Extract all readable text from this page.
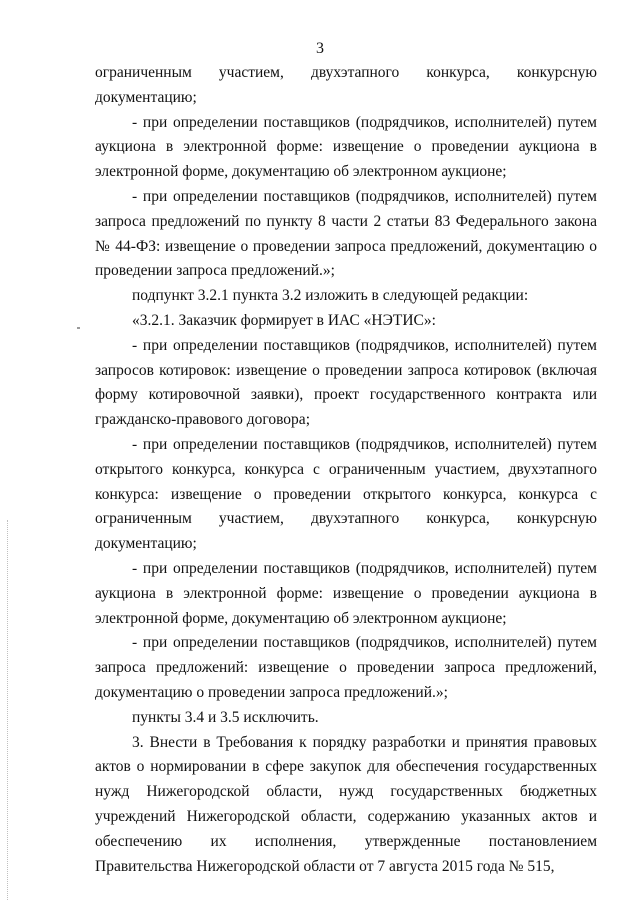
3

ограниченным участием, двухэтапного конкурса, конкурсную документацию;

- при определении поставщиков (подрядчиков, исполнителей) путем аукциона в электронной форме: извещение о проведении аукциона в электронной форме, документацию об электронном аукционе;

- при определении поставщиков (подрядчиков, исполнителей) путем запроса предложений по пункту 8 части 2 статьи 83 Федерального закона № 44-ФЗ: извещение о проведении запроса предложений, документацию о проведении запроса предложений.»;

подпункт 3.2.1 пункта 3.2 изложить в следующей редакции:

«3.2.1. Заказчик формирует в ИАС «НЭТИС»:

- при определении поставщиков (подрядчиков, исполнителей) путем запросов котировок: извещение о проведении запроса котировок (включая форму котировочной заявки), проект государственного контракта или гражданско-правового договора;

- при определении поставщиков (подрядчиков, исполнителей) путем открытого конкурса, конкурса с ограниченным участием, двухэтапного конкурса: извещение о проведении открытого конкурса, конкурса с ограниченным участием, двухэтапного конкурса, конкурсную документацию;

- при определении поставщиков (подрядчиков, исполнителей) путем аукциона в электронной форме: извещение о проведении аукциона в электронной форме, документацию об электронном аукционе;

- при определении поставщиков (подрядчиков, исполнителей) путем запроса предложений: извещение о проведении запроса предложений, документацию о проведении запроса предложений.»;

пункты 3.4 и 3.5 исключить.

3. Внести в Требования к порядку разработки и принятия правовых актов о нормировании в сфере закупок для обеспечения государственных нужд Нижегородской области, нужд государственных бюджетных учреждений Нижегородской области, содержанию указанных актов и обеспечению их исполнения, утвержденные постановлением Правительства Нижегородской области от 7 августа 2015 года № 515,
